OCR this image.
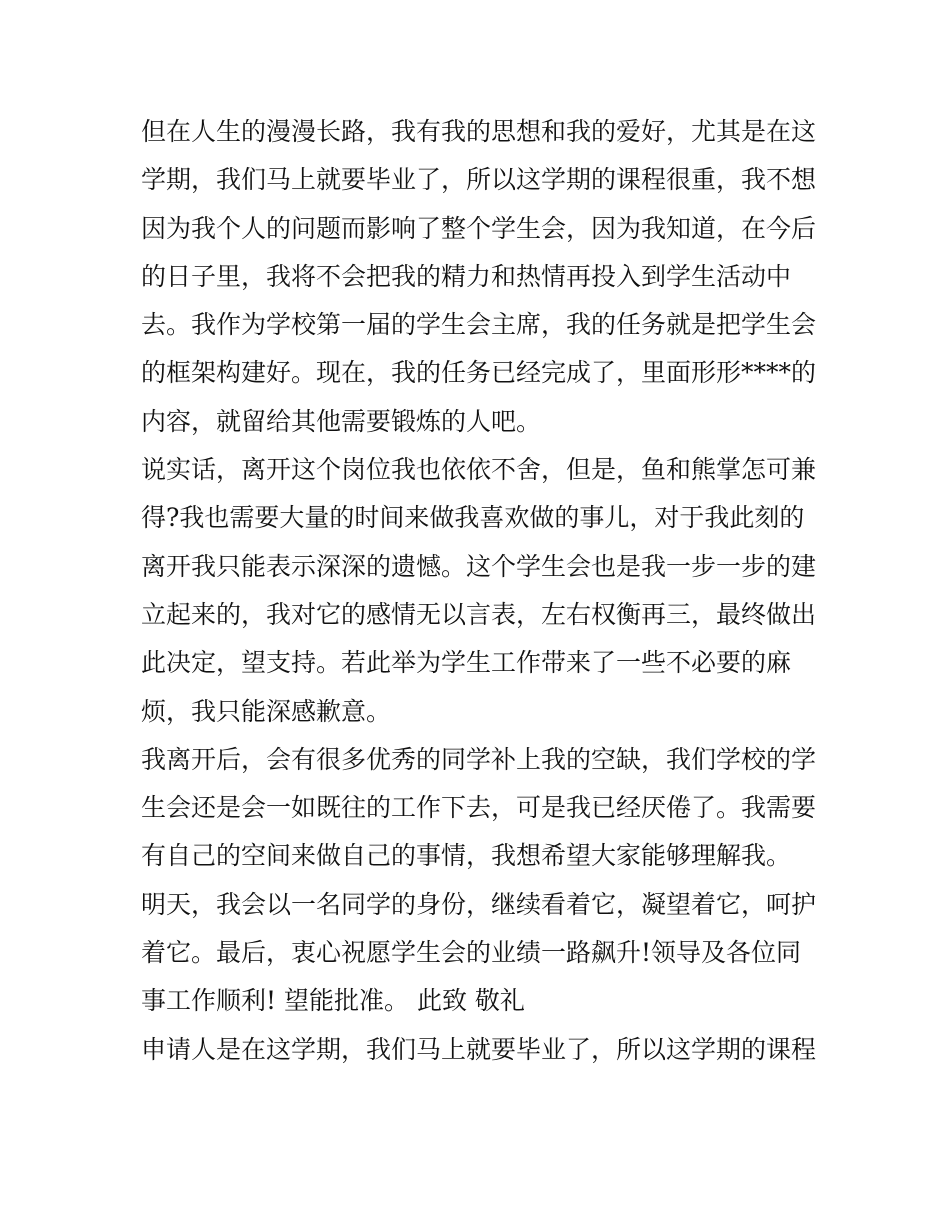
但在人生的漫漫长路，我有我的思想和我的爱好，尤其是在这
学期，我们马上就要毕业了，所以这学期的课程很重，我不想
因为我个人的问题而影响了整个学生会，因为我知道，在今后
的日子里，我将不会把我的精力和热情再投入到学生活动中
去。我作为学校第一届的学生会主席，我的任务就是把学生会
的框架构建好。现在，我的任务已经完成了，里面形形****的
内容，就留给其他需要锻炼的人吧。
说实话，离开这个岗位我也依依不舍，但是，鱼和熊掌怎可兼
得?我也需要大量的时间来做我喜欢做的事儿，对于我此刻的
离开我只能表示深深的遗憾。这个学生会也是我一步一步的建
立起来的，我对它的感情无以言表，左右权衡再三，最终做出
此决定，望支持。若此举为学生工作带来了一些不必要的麻
烦，我只能深感歉意。
我离开后，会有很多优秀的同学补上我的空缺，我们学校的学
生会还是会一如既往的工作下去，可是我已经厌倦了。我需要
有自己的空间来做自己的事情，我想希望大家能够理解我。
明天，我会以一名同学的身份，继续看着它，凝望着它，呵护
着它。最后，衷心祝愿学生会的业绩一路飙升!领导及各位同
事工作顺利! 望能批准。 此致 敬礼
申请人是在这学期，我们马上就要毕业了，所以这学期的课程
